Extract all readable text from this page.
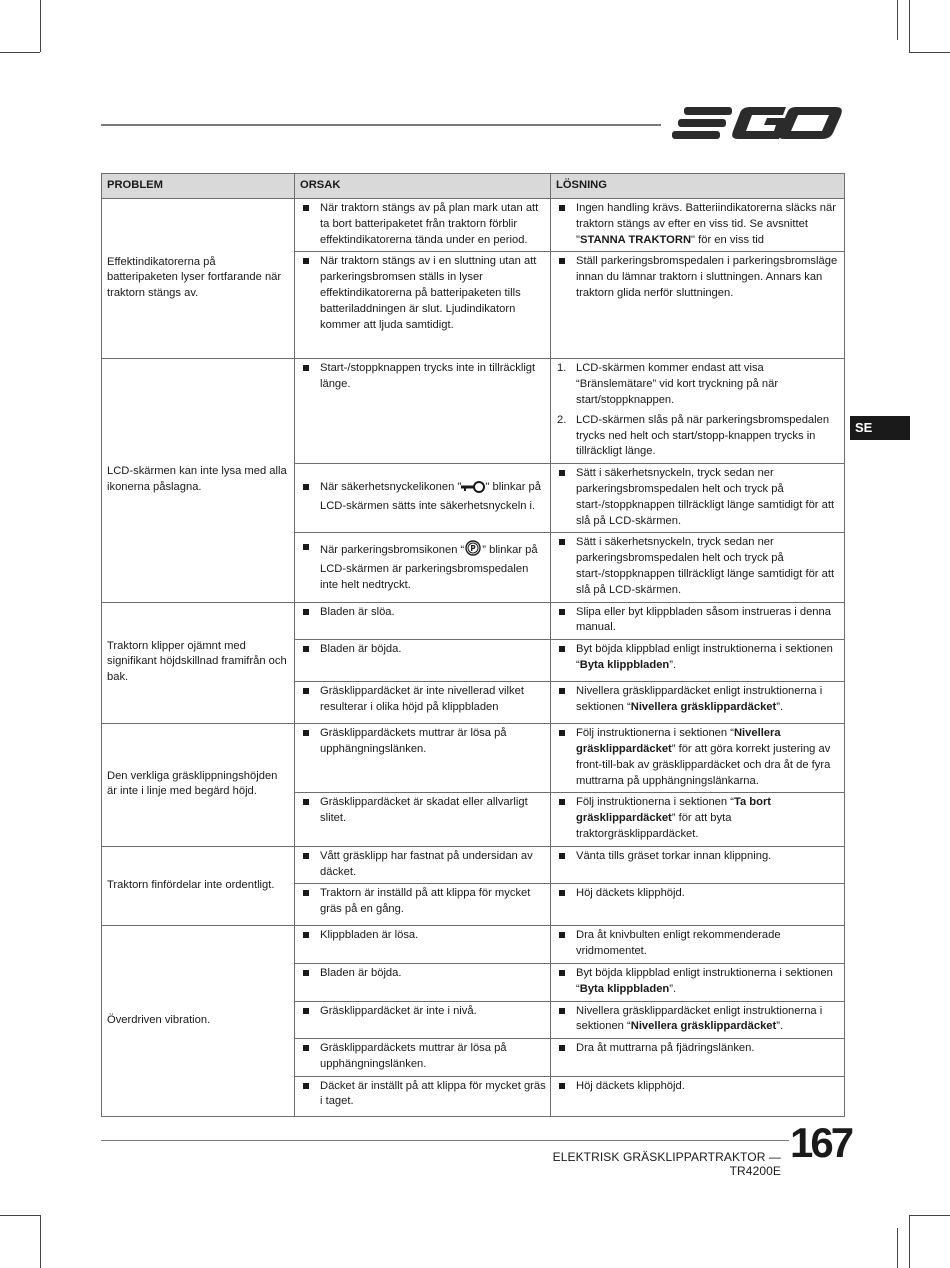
SE
PROBLEM	ORSAK	LÖSNING
Effektindikatorerna på batteripaketen lyser fortfarande när traktorn stängs av.	När traktorn stängs av på plan mark utan att ta bort batteripaketet från traktorn förblir effektindikatorerna tända under en period.	Ingen handling krävs. Batteriindikatorerna släcks när traktorn stängs av efter en viss tid. Se avsnittet "STANNA TRAKTORN" för en viss tid

När traktorn stängs av i en sluttning utan att parkeringsbromsen ställs in lyser effektindikatorerna på batteripaketen tills batteriladdningen är slut. Ljudindikatorn kommer att ljuda samtidigt.	Ställ parkeringsbromspedalen i parkeringsbromsläge innan du lämnar traktorn i sluttningen. Annars kan traktorn glida nerför sluttningen.

LCD-skärmen kan inte lysa med alla ikonerna påslagna.	Start-/stoppknappen trycks inte in tillräckligt länge.	1. LCD-skärmen kommer endast att visa “Bränslemätare” vid kort tryckning på när start/stoppknappen.
2. LCD-skärmen slås på när parkeringsbromspedalen trycks ned helt och start/stopp-knappen trycks in tillräckligt länge.

När säkerhetsnyckelikonen " " blinkar på LCD-skärmen sätts inte säkerhetsnyckeln i.	Sätt i säkerhetsnyckeln, tryck sedan ner parkeringsbromspedalen helt och tryck på start-/stoppknappen tillräckligt länge samtidigt för att slå på LCD-skärmen.

När parkeringsbromsikonen “ P ” blinkar på LCD-skärmen är parkeringsbromspedalen inte helt nedtryckt.	Sätt i säkerhetsnyckeln, tryck sedan ner parkeringsbromspedalen helt och tryck på start-/stoppknappen tillräckligt länge samtidigt för att slå på LCD-skärmen.

Traktorn klipper ojämnt med signifikant höjdskillnad framifrån och bak.	Bladen är slöa.	Slipa eller byt klippbladen såsom instrueras i denna manual.

Bladen är böjda.	Byt böjda klippblad enligt instruktionerna i sektionen “Byta klippbladen”.

Gräsklippardäcket är inte nivellerad vilket resulterar i olika höjd på klippbladen	Nivellera gräsklippardäcket enligt instruktionerna i sektionen “Nivellera gräsklippardäcket”.

Den verkliga gräsklippningshöjden är inte i linje med begärd höjd.	Gräsklippardäckets muttrar är lösa på upphängningslänken.	Följ instruktionerna i sektionen “Nivellera gräsklippardäcket” för att göra korrekt justering av front-till-bak av gräsklippardäcket och dra åt de fyra muttrarna på upphängningslänkarna.

Gräsklippardäcket är skadat eller allvarligt slitet.	Följ instruktionerna i sektionen “Ta bort gräsklippardäcket” för att byta traktorgräsklippardäcket.

Traktorn finfördelar inte ordentligt.	Vått gräsklipp har fastnat på undersidan av däcket.	Vänta tills gräset torkar innan klippning.

Traktorn är inställd på att klippa för mycket gräs på en gång.	Höj däckets klipphöjd.

Överdriven vibration.	Klippbladen är lösa.	Dra åt knivbulten enligt rekommenderade vridmomentet.

Bladen är böjda.	Byt böjda klippblad enligt instruktionerna i sektionen “Byta klippbladen”.

Gräsklippardäcket är inte i nivå.	Nivellera gräsklippardäcket enligt instruktionerna i sektionen “Nivellera gräsklippardäcket”.

Gräsklippardäckets muttrar är lösa på upphängningslänken.	Dra åt muttrarna på fjädringslänken.

Däcket är inställt på att klippa för mycket gräs i taget.	Höj däckets klipphöjd.
ELEKTRISK GRÄSKLIPPARTRAKTOR — TR4200E
167
